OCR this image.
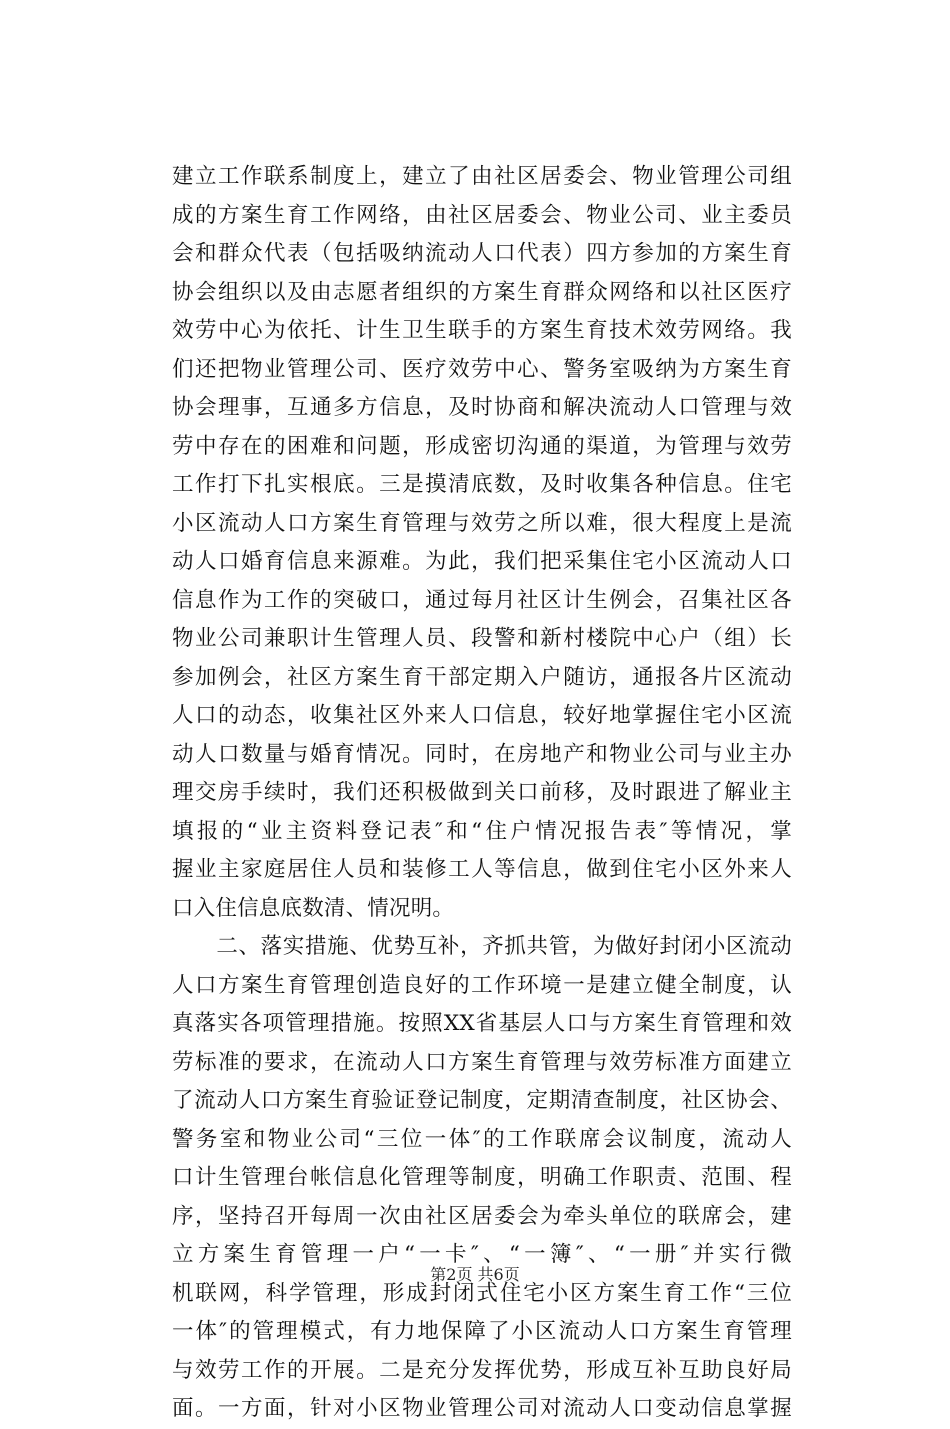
建立工作联系制度上，建立了由社区居委会、物业管理公司组
成的方案生育工作网络，由社区居委会、物业公司、业主委员
会和群众代表（包括吸纳流动人口代表）四方参加的方案生育
协会组织以及由志愿者组织的方案生育群众网络和以社区医疗
效劳中心为依托、计生卫生联手的方案生育技术效劳网络。我
们还把物业管理公司、医疗效劳中心、警务室吸纳为方案生育
协会理事，互通多方信息，及时协商和解决流动人口管理与效
劳中存在的困难和问题，形成密切沟通的渠道，为管理与效劳
工作打下扎实根底。三是摸清底数，及时收集各种信息。住宅
小区流动人口方案生育管理与效劳之所以难，很大程度上是流
动人口婚育信息来源难。为此，我们把采集住宅小区流动人口
信息作为工作的突破口，通过每月社区计生例会，召集社区各
物业公司兼职计生管理人员、段警和新村楼院中心户（组）长
参加例会，社区方案生育干部定期入户随访，通报各片区流动
人口的动态，收集社区外来人口信息，较好地掌握住宅小区流
动人口数量与婚育情况。同时，在房地产和物业公司与业主办
理交房手续时，我们还积极做到关口前移，及时跟进了解业主
填报的“业主资料登记表″和“住户情况报告表″等情况，掌
握业主家庭居住人员和装修工人等信息，做到住宅小区外来人
口入住信息底数清、情况明。
　　二、落实措施、优势互补，齐抓共管，为做好封闭小区流动
人口方案生育管理创造良好的工作环境一是建立健全制度，认
真落实各项管理措施。按照XX省基层人口与方案生育管理和效
劳标准的要求，在流动人口方案生育管理与效劳标准方面建立
了流动人口方案生育验证登记制度，定期清查制度，社区协会、
警务室和物业公司“三位一体″的工作联席会议制度，流动人
口计生管理台帐信息化管理等制度，明确工作职责、范围、程
序，坚持召开每周一次由社区居委会为牵头单位的联席会，建
立方案生育管理一户“一卡″、“一簿″、“一册″并实行微
机联网，科学管理，形成封闭式住宅小区方案生育工作“三位
一体″的管理模式，有力地保障了小区流动人口方案生育管理
与效劳工作的开展。二是充分发挥优势，形成互补互助良好局
面。一方面，针对小区物业管理公司对流动人口变动信息掌握
第2页 共6页
